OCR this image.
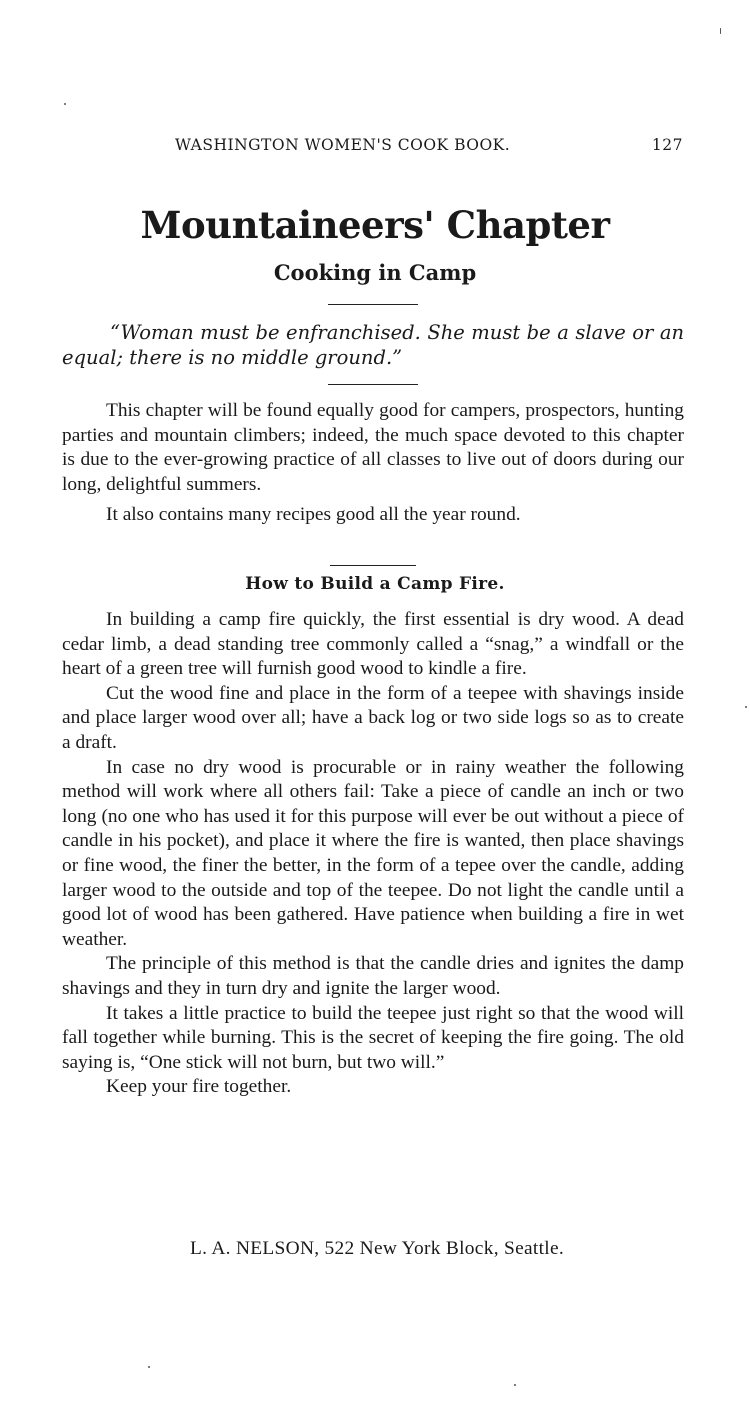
WASHINGTON WOMEN'S COOK BOOK.	127
Mountaineers' Chapter
Cooking in Camp
“Woman must be enfranchised. She must be a slave or an equal; there is no middle ground.”

This chapter will be found equally good for campers, prospectors, hunting parties and mountain climbers; indeed, the much space devoted to this chapter is due to the ever-growing practice of all classes to live out of doors during our long, delightful summers.

It also contains many recipes good all the year round.

How to Build a Camp Fire.

In building a camp fire quickly, the first essential is dry wood. A dead cedar limb, a dead standing tree commonly called a “snag,” a windfall or the heart of a green tree will furnish good wood to kindle a fire.

Cut the wood fine and place in the form of a teepee with shavings inside and place larger wood over all; have a back log or two side logs so as to create a draft.

In case no dry wood is procurable or in rainy weather the following method will work where all others fail: Take a piece of candle an inch or two long (no one who has used it for this purpose will ever be out without a piece of candle in his pocket), and place it where the fire is wanted, then place shavings or fine wood, the finer the better, in the form of a tepee over the candle, adding larger wood to the outside and top of the teepee. Do not light the candle until a good lot of wood has been gathered. Have patience when building a fire in wet weather.

The principle of this method is that the candle dries and ignites the damp shavings and they in turn dry and ignite the larger wood.

It takes a little practice to build the teepee just right so that the wood will fall together while burning. This is the secret of keeping the fire going. The old saying is, “One stick will not burn, but two will.”

Keep your fire together.

L. A. NELSON, 522 New York Block, Seattle.
